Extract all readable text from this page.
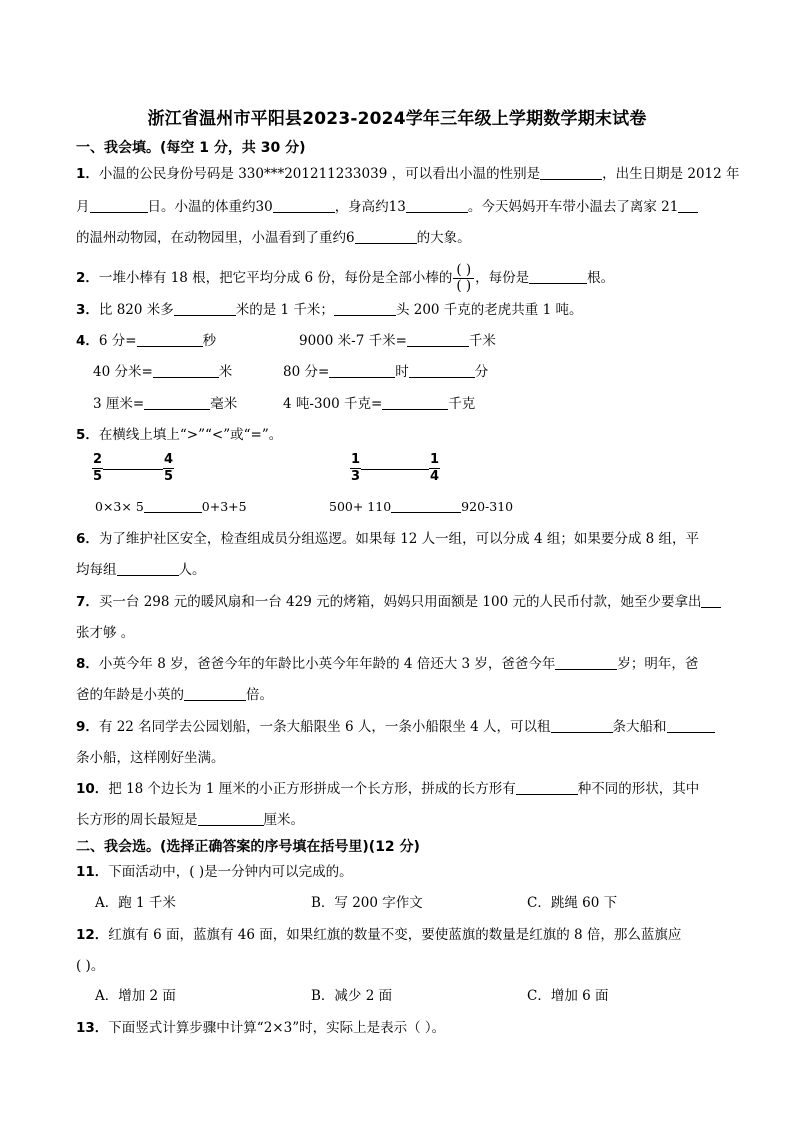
浙江省温州市平阳县2023-2024学年三年级上学期数学期末试卷
一、我会填。(每空 1 分，共 30 分)
1．小温的公民身份号码是 330***201211233039 ，可以看出小温的性别是	，出生日期是 2012 年
月	日。小温的体重约30	，身高约13	。今天妈妈开车带小温去了离家 21
的温州动物园，在动物园里，小温看到了重约6	的大象。
2．一堆小棒有 18 根，把它平均分成 6 份，每份是全部小棒的 $\frac{( )}{( )}$ ，每份是	根。
3．比 820 米多	米的是 1 千米；	头 200 千克的老虎共重 1 吨。
4．6 分=	秒	9000 米-7 千米=	千米
40 分米=	米	80 分=	时	分
3 厘米=	毫米	4 吨-300 千克=	千克
5．在横线上填上“>”“<”或“=”。
$\frac{2}{5}$	$\frac{4}{5}$	$\frac{1}{3}$	$\frac{1}{4}$
0×3× 5	0+3+5	500+ 110	920-310
6．为了维护社区安全，检查组成员分组巡逻。如果每 12 人一组，可以分成 4 组；如果要分成 8 组，平
均每组	人。
7．买一台 298 元的暖风扇和一台 429 元的烤箱，妈妈只用面额是 100 元的人民币付款，她至少要拿出
张才够 。
8．小英今年 8 岁，爸爸今年的年龄比小英今年年龄的 4 倍还大 3 岁，爸爸今年	岁；明年，爸
爸的年龄是小英的	倍。
9．有 22 名同学去公园划船，一条大船限坐 6 人，一条小船限坐 4 人，可以租	条大船和
条小船，这样刚好坐满。
10．把 18 个边长为 1 厘米的小正方形拼成一个长方形，拼成的长方形有	种不同的形状，其中
长方形的周长最短是	厘米。
二、我会选。(选择正确答案的序号填在括号里)(12 分)
11．下面活动中，( )是一分钟内可以完成的。
A．跑 1 千米	B．写 200 字作文	C．跳绳 60 下
12．红旗有 6 面，蓝旗有 46 面，如果红旗的数量不变，要使蓝旗的数量是红旗的 8 倍，那么蓝旗应
( )。
A．增加 2 面	B．减少 2 面	C．增加 6 面
13．下面竖式计算步骤中计算“2×3”时，实际上是表示（ ）。
